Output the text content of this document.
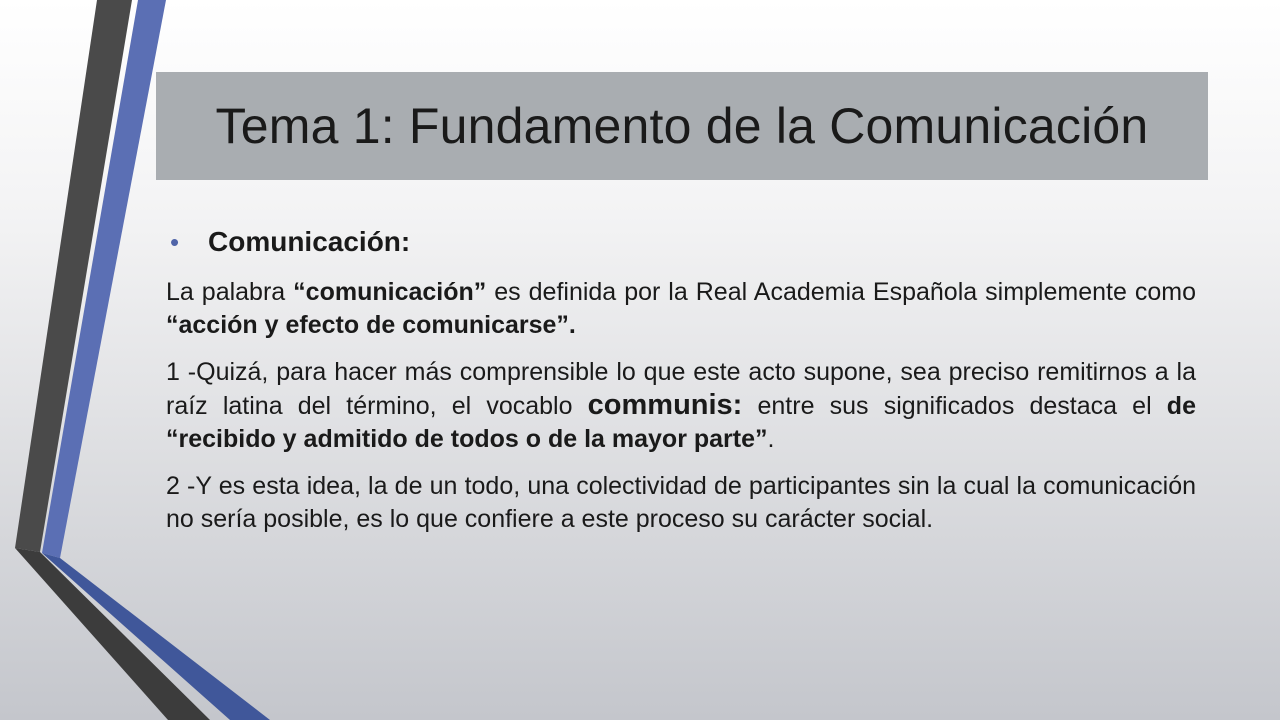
Tema 1: Fundamento de la Comunicación
•	Comunicación:

La palabra “comunicación” es definida por la Real Academia Española simplemente como “acción y efecto de comunicarse”.

1 -Quizá, para hacer más comprensible lo que este acto supone, sea preciso remitirnos a la raíz latina del término, el vocablo communis: entre sus significados destaca el de “recibido y admitido de todos o de la mayor parte”.

2 -Y es esta idea, la de un todo, una colectividad de participantes sin la cual la comunicación no sería posible, es lo que confiere a este proceso su carácter social.
